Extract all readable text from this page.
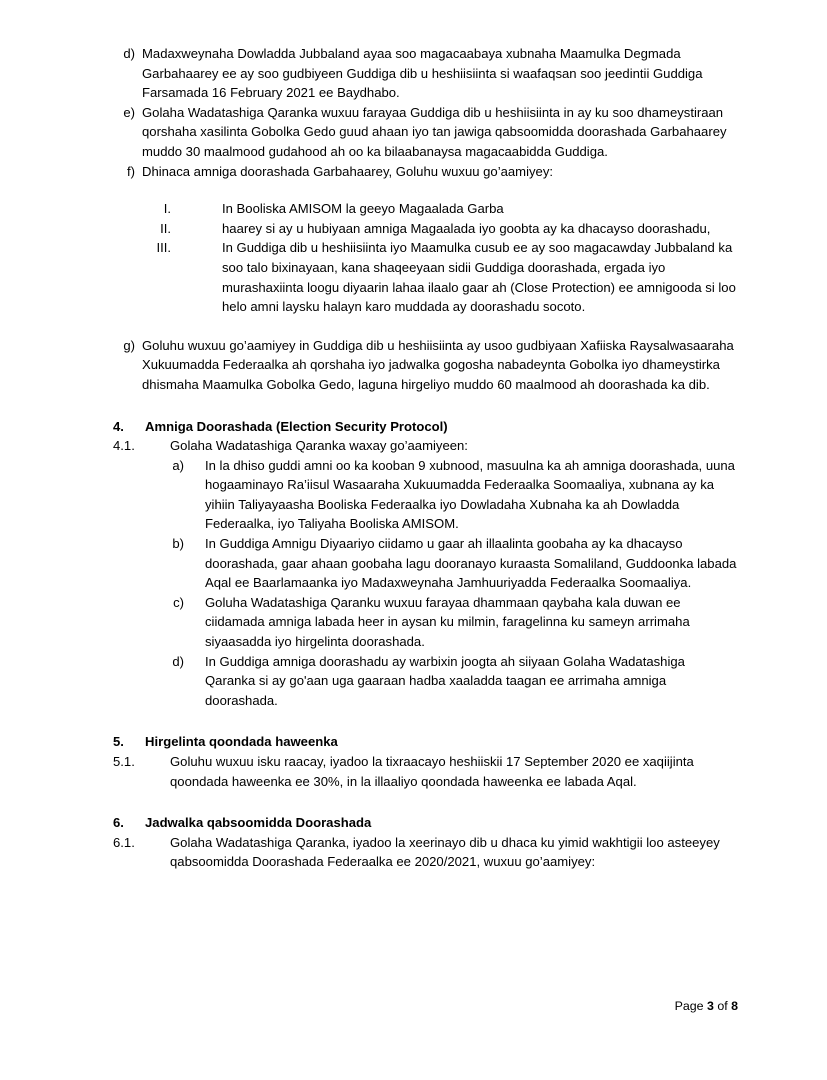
d) Madaxweynaha Dowladda Jubbaland ayaa soo magacaabaya xubnaha Maamulka Degmada Garbahaarey ee ay soo gudbiyeen Guddiga dib u heshiisiinta si waafaqsan soo jeedintii Guddiga Farsamada 16 February 2021 ee Baydhabo.
e) Golaha Wadatashiga Qaranka wuxuu farayaa Guddiga dib u heshiisiinta in ay ku soo dhameystiraan qorshaha xasilinta Gobolka Gedo guud ahaan iyo tan jawiga qabsoomidda doorashada Garbahaarey muddo 30 maalmood gudahood ah oo ka bilaabanaysa magacaabidda Guddiga.
f) Dhinaca amniga doorashada Garbahaarey, Goluhu wuxuu go’aamiyey:
I.	In Booliska AMISOM la geeyo Magaalada Garba
II.	haarey si ay u hubiyaan amniga Magaalada iyo goobta ay ka dhacayso doorashadu,
III.	In Guddiga dib u heshiisiinta iyo Maamulka cusub ee ay soo magacawday Jubbaland ka soo talo bixinayaan, kana shaqeeyaan sidii Guddiga doorashada, ergada iyo murashaxiinta loogu diyaarin lahaa ilaalo gaar ah (Close Protection) ee amnigooda si loo helo amni laysku halayn karo muddada ay doorashadu socoto.
g) Goluhu wuxuu go’aamiyey in Guddiga dib u heshiisiinta ay usoo gudbiyaan Xafiiska Raysalwasaaraha Xukuumadda Federaalka ah qorshaha iyo jadwalka gogosha nabadeynta Gobolka iyo dhameystirka dhismaha Maamulka Gobolka Gedo, laguna hirgeliyo muddo 60 maalmood ah doorashada ka dib.
4. Amniga Doorashada (Election Security Protocol)
4.1.	Golaha Wadatashiga Qaranka waxay go’aamiyeen:
a) In la dhiso guddi amni oo ka kooban 9 xubnood, masuulna ka ah amniga doorashada, uuna hogaaminayo Ra’iisul Wasaaraha Xukuumadda Federaalka Soomaaliya, xubnana ay ka yihiin Taliyayaasha Booliska Federaalka iyo Dowladaha Xubnaha ka ah Dowladda Federaalka, iyo Taliyaha Booliska AMISOM.
b) In Guddiga Amnigu Diyaariyo ciidamo u gaar ah illaalinta goobaha ay ka dhacayso doorashada, gaar ahaan goobaha lagu dooranayo kuraasta Somaliland, Guddoonka labada Aqal ee Baarlamaanka iyo Madaxweynaha Jamhuuriyadda Federaalka Soomaaliya.
c) Goluha Wadatashiga Qaranku wuxuu farayaa dhammaan qaybaha kala duwan ee ciidamada amniga labada heer in aysan ku milmin, faragelinna ku sameyn arrimaha siyaasadda iyo hirgelinta doorashada.
d) In Guddiga amniga doorashadu ay warbixin joogta ah siiyaan Golaha Wadatashiga Qaranka si ay go'aan uga gaaraan hadba xaaladda taagan ee arrimaha amniga doorashada.
5. Hirgelinta qoondada haweenka
5.1.	Goluhu wuxuu isku raacay, iyadoo la tixraacayo heshiiskii 17 September 2020 ee xaqiijinta qoondada haweenka ee 30%, in la illaaliyo qoondada haweenka ee labada Aqal.
6. Jadwalka qabsoomidda Doorashada
6.1.	Golaha Wadatashiga Qaranka, iyadoo la xeerinayo dib u dhaca ku yimid wakhtigii loo asteeyey qabsoomidda Doorashada Federaalka ee 2020/2021, wuxuu go’aamiyey:
Page 3 of 8
